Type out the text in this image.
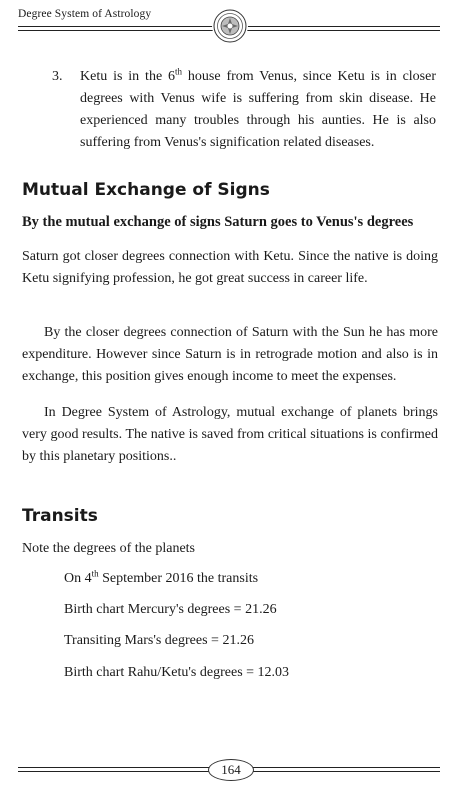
Degree System of Astrology
3. Ketu is in the 6th house from Venus, since Ketu is in closer degrees with Venus wife is suffering from skin disease. He experienced many troubles through his aunties. He is also suffering from Venus's signification related diseases.
Mutual Exchange of Signs
By the mutual exchange of signs Saturn goes to Venus's degrees

Saturn got closer degrees connection with Ketu. Since the native is doing Ketu signifying profession, he got great success in career life.

By the closer degrees connection of Saturn with the Sun he has more expenditure. However since Saturn is in retrograde motion and also is in exchange, this position gives enough income to meet the expenses.

In Degree System of Astrology, mutual exchange of planets brings very good results. The native is saved from critical situations is confirmed by this planetary positions..

Transits
Note the degrees of the planets
On 4th September 2016 the transits
Birth chart Mercury's degrees = 21.26
Transiting Mars's degrees = 21.26
Birth chart Rahu/Ketu's degrees = 12.03
164
